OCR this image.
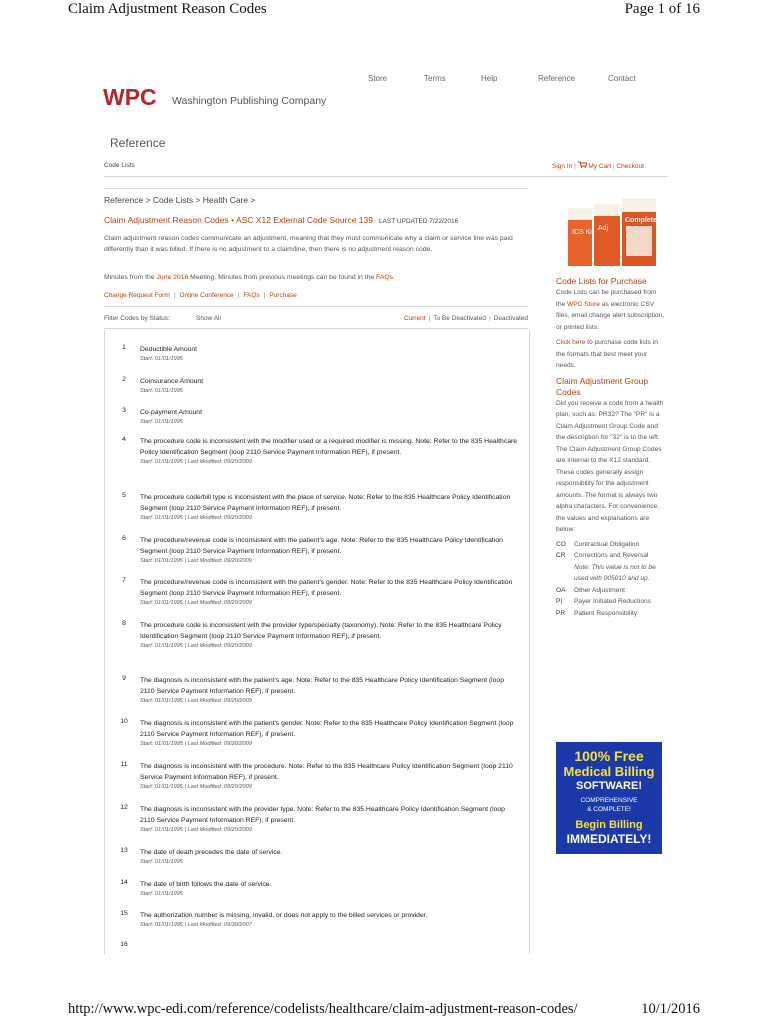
Claim Adjustment Reason Codes	Page 1 of 16
Store	Terms	Help	Reference	Contact
WPC Washington Publishing Company
Reference
Code Lists	Sign In | My Cart | Checkout
Reference > Code Lists > Health Care >
Claim Adjustment Reason Codes • ASC X12 External Code Source 139 LAST UPDATED 7/22/2016
Claim adjustment reason codes communicate an adjustment, meaning that they must communicate why a claim or service line was paid differently than it was billed. If there is no adjustment to a claim/line, then there is no adjustment reason code.
Minutes from the June 2016 Meeting. Minutes from previous meetings can be found in the FAQs.
Change Request Form | Online Conference | FAQs | Purchase
Filter Codes by Status:	Show All	Current | To Be Deactivated | Deactivated
1	Deductible Amount
Start: 01/01/1995
2	Coinsurance Amount
Start: 01/01/1995
3	Co-payment Amount
Start: 01/01/1995
4	The procedure code is inconsistent with the modifier used or a required modifier is missing. Note: Refer to the 835 Healthcare Policy Identification Segment (loop 2110 Service Payment Information REF), if present.
Start: 01/01/1995 | Last Modified: 09/20/2009
5	The procedure code/bill type is inconsistent with the place of service. Note: Refer to the 835 Healthcare Policy Identification Segment (loop 2110 Service Payment Information REF), if present.
Start: 01/01/1995 | Last Modified: 09/20/2009
6	The procedure/revenue code is inconsistent with the patient's age. Note: Refer to the 835 Healthcare Policy Identification Segment (loop 2110 Service Payment Information REF), if present.
Start: 01/01/1995 | Last Modified: 09/20/2009
7	The procedure/revenue code is inconsistent with the patient's gender. Note: Refer to the 835 Healthcare Policy Identification Segment (loop 2110 Service Payment Information REF), if present.
Start: 01/01/1995 | Last Modified: 09/20/2009
8	The procedure code is inconsistent with the provider type/specialty (taxonomy). Note: Refer to the 835 Healthcare Policy Identification Segment (loop 2110 Service Payment Information REF), if present.
Start: 01/01/1995 | Last Modified: 09/20/2009
9	The diagnosis is inconsistent with the patient's age. Note: Refer to the 835 Healthcare Policy Identification Segment (loop 2110 Service Payment Information REF), if present.
Start: 01/01/1995 | Last Modified: 09/20/2009
10	The diagnosis is inconsistent with the patient's gender. Note: Refer to the 835 Healthcare Policy Identification Segment (loop 2110 Service Payment Information REF), if present.
Start: 01/01/1995 | Last Modified: 09/20/2009
11	The diagnosis is inconsistent with the procedure. Note: Refer to the 835 Healthcare Policy Identification Segment (loop 2110 Service Payment Information REF), if present.
Start: 01/01/1995 | Last Modified: 09/20/2009
12	The diagnosis is inconsistent with the provider type. Note: Refer to the 835 Healthcare Policy Identification Segment (loop 2110 Service Payment Information REF), if present.
Start: 01/01/1995 | Last Modified: 09/20/2009
13	The date of death precedes the date of service.
Start: 01/01/1995
14	The date of birth follows the date of service.
Start: 01/01/1995
15	The authorization number is missing, invalid, or does not apply to the billed services or provider.
Start: 01/01/1995 | Last Modified: 09/30/2007
16
ICS Kit
Adj
Complete
Code Lists for Purchase

Code Lists can be purchased from the WPC Store as electronic CSV files, email change alert subscription, or printed lists.

Click here to purchase code lists in the formats that best meet your needs.

Claim Adjustment Group Codes

Did you receive a code from a health plan, such as: PR32? The "PR" is a Claim Adjustment Group Code and the description for "32" is to the left. The Claim Adjustment Group Codes are internal to the X12 standard. These codes generally assign responsibility for the adjustment amounts. The format is always two alpha characters. For convenience, the values and explanations are below:

CO Contractual Obligation
CR Corrections and Reversal
Note: This value is not to be used with 005010 and up.
OA Other Adjustment
PI Payer Initiated Reductions
PR Patient Responsibility
100% Free
Medical Billing
SOFTWARE!
COMPREHENSIVE
& COMPLETE!
Begin Billing
IMMEDIATELY!
http://www.wpc-edi.com/reference/codelists/healthcare/claim-adjustment-reason-codes/	10/1/2016
